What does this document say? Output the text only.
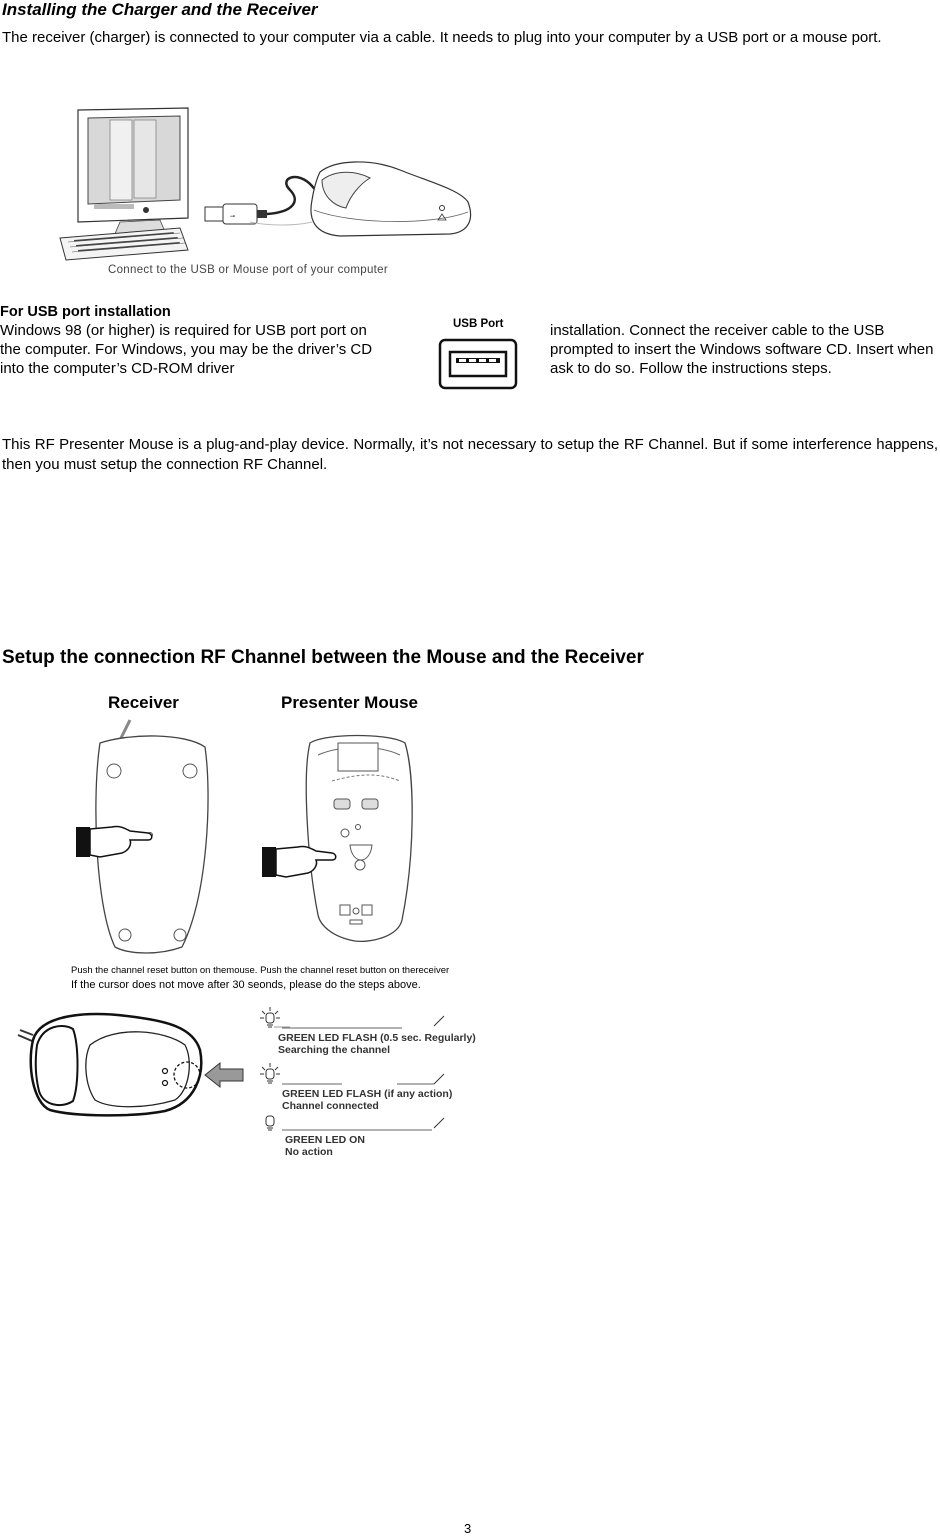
Installing the Charger and the Receiver

The receiver (charger) is connected to your computer via a cable. It needs to plug into your computer by a USB port or a mouse port.

⊸
Connect to the USB or Mouse port of your computer
For USB port installation

Windows 98 (or higher) is required for USB port port on the computer. For Windows, you may be the driver’s CD into the computer’s CD-ROM driver

USB Port	installation. Connect the receiver cable to the USB prompted to insert the Windows software CD. Insert when ask to do so. Follow the instructions steps.

This RF Presenter Mouse is a plug-and-play device. Normally, it’s not necessary to setup the RF Channel. But if some interference happens, then you must setup the connection RF Channel.

Setup the connection RF Channel between the Mouse and the Receiver
Receiver	Presenter Mouse
Push the channel reset button on themouse. Push the channel reset button on thereceiver
If the cursor does not move after 30 seonds, please do the steps above.
GREEN LED FLASH (0.5 sec. Regularly)
Searching the channel
GREEN LED FLASH (if any action)
Channel connected
GREEN LED ON
No action
3
